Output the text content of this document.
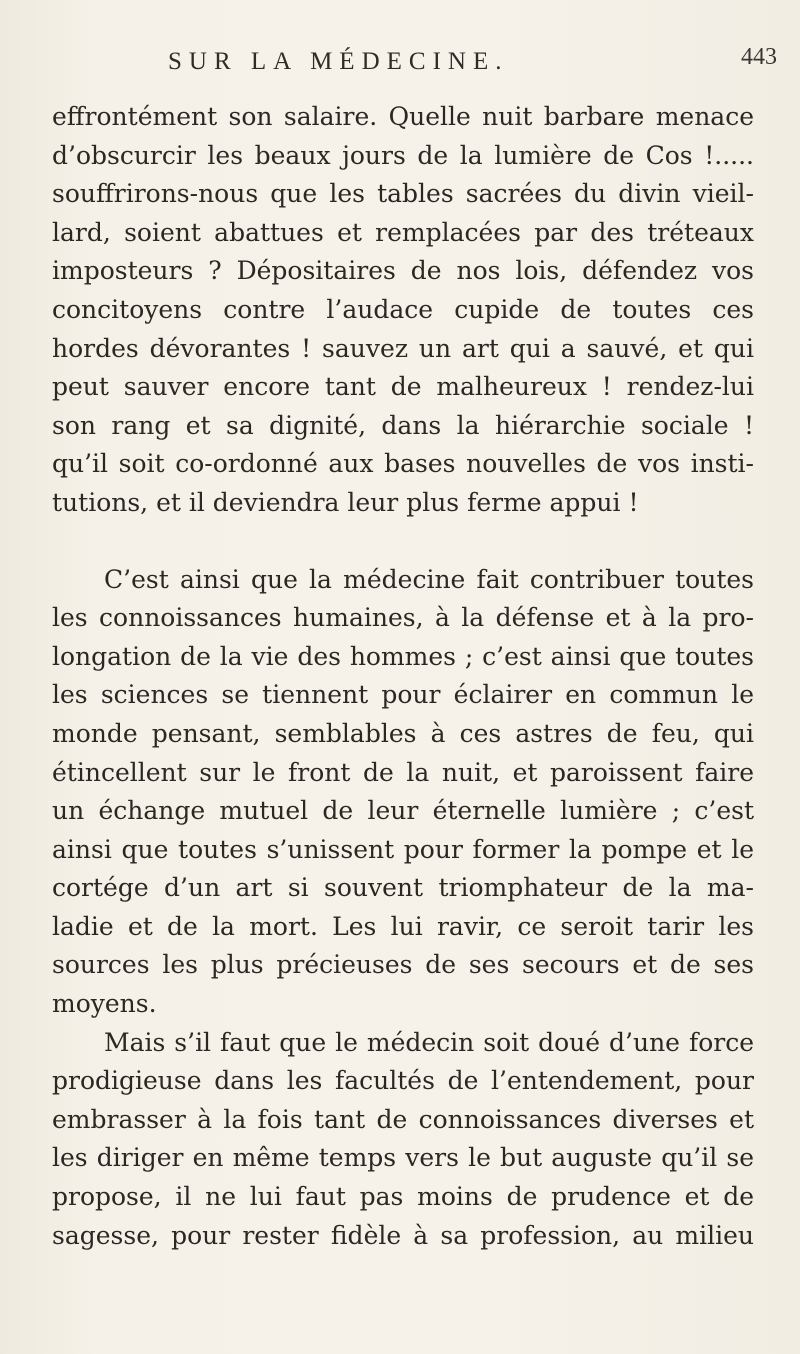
SUR LA MÉDECINE.	443
effrontément son salaire. Quelle nuit barbare menace
d’obscurcir les beaux jours de la lumière de Cos !.....
souffrirons-nous que les tables sacrées du divin vieil-
lard, soient abattues et remplacées par des tréteaux
imposteurs ? Dépositaires de nos lois, défendez vos
concitoyens contre l’audace cupide de toutes ces
hordes dévorantes ! sauvez un art qui a sauvé, et qui
peut sauver encore tant de malheureux ! rendez-lui
son rang et sa dignité, dans la hiérarchie sociale !
qu’il soit co-ordonné aux bases nouvelles de vos insti-
tutions, et il deviendra leur plus ferme appui !
C’est ainsi que la médecine fait contribuer toutes
les connoissances humaines, à la défense et à la pro-
longation de la vie des hommes ; c’est ainsi que toutes
les sciences se tiennent pour éclairer en commun le
monde pensant, semblables à ces astres de feu, qui
étincellent sur le front de la nuit, et paroissent faire
un échange mutuel de leur éternelle lumière ; c’est
ainsi que toutes s’unissent pour former la pompe et le
cortége d’un art si souvent triomphateur de la ma-
ladie et de la mort. Les lui ravir, ce seroit tarir les
sources les plus précieuses de ses secours et de ses
moyens.
Mais s’il faut que le médecin soit doué d’une force
prodigieuse dans les facultés de l’entendement, pour
embrasser à la fois tant de connoissances diverses et
les diriger en même temps vers le but auguste qu’il se
propose, il ne lui faut pas moins de prudence et de
sagesse, pour rester fidèle à sa profession, au milieu
